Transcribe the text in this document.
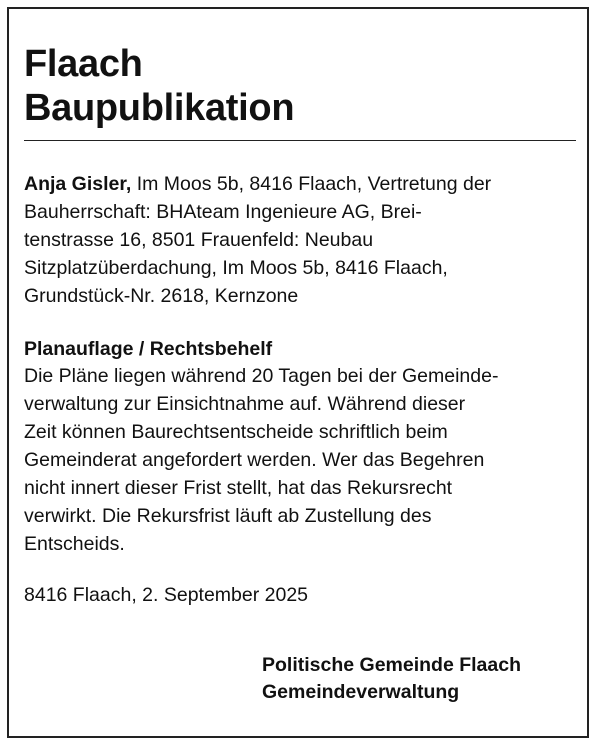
Flaach
Baupublikation

Anja Gisler, Im Moos 5b, 8416 Flaach, Vertretung der
Bauherrschaft: BHAteam Ingenieure AG, Brei-
tenstrasse 16, 8501 Frauenfeld: Neubau
Sitzplatzüberdachung, Im Moos 5b, 8416 Flaach,
Grundstück-Nr. 2618, Kernzone

Planauflage / Rechtsbehelf

Die Pläne liegen während 20 Tagen bei der Gemeinde-
verwaltung zur Einsichtnahme auf. Während dieser
Zeit können Baurechtsentscheide schriftlich beim
Gemeinderat angefordert werden. Wer das Begehren
nicht innert dieser Frist stellt, hat das Rekursrecht
verwirkt. Die Rekursfrist läuft ab Zustellung des
Entscheids.

8416 Flaach, 2. September 2025

Politische Gemeinde Flaach
Gemeindeverwaltung
